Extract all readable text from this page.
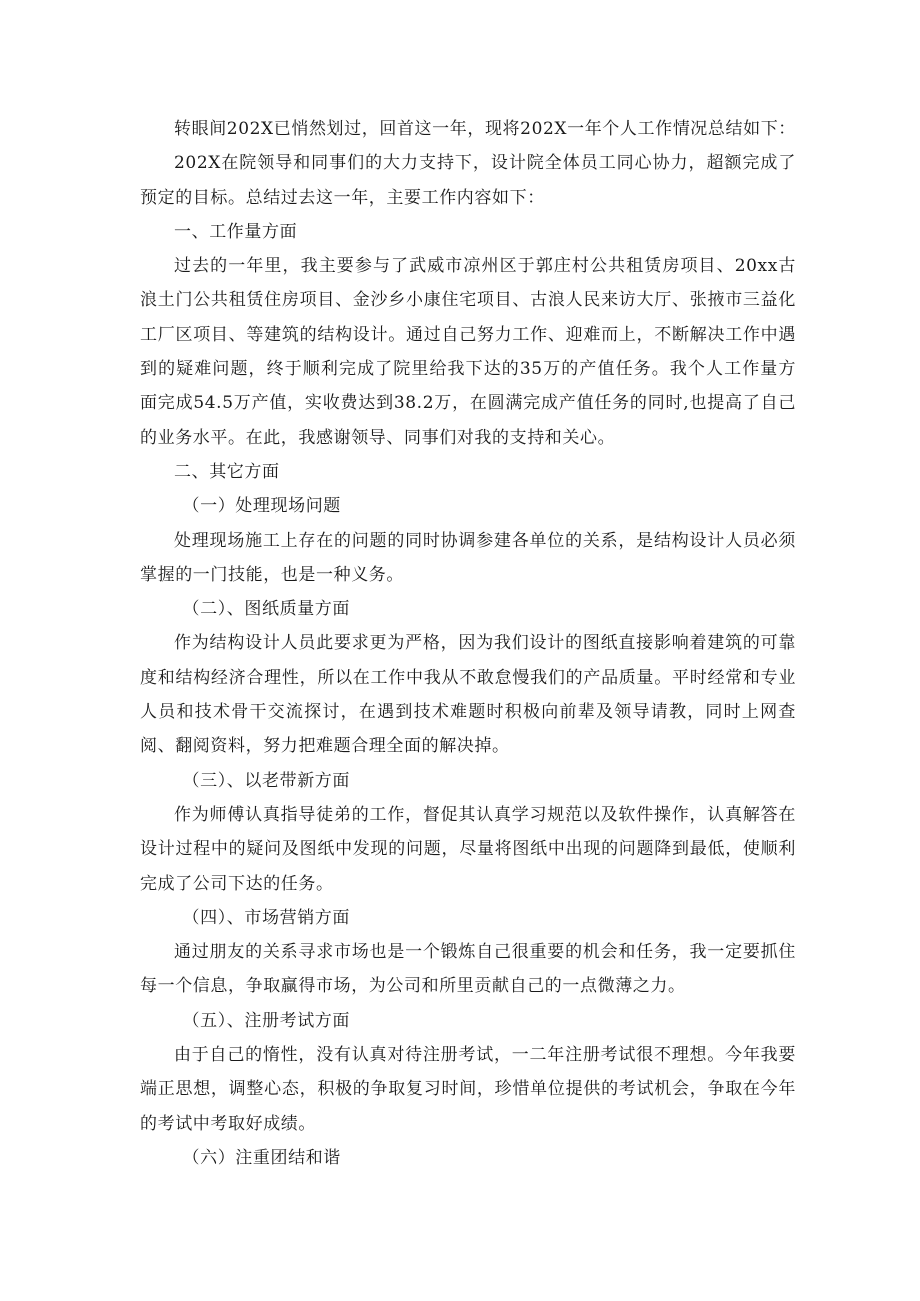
转眼间202X已悄然划过，回首这一年，现将202X一年个人工作情况总结如下：

202X在院领导和同事们的大力支持下，设计院全体员工同心协力，超额完成了预定的目标。总结过去这一年，主要工作内容如下：

一、工作量方面

过去的一年里，我主要参与了武威市凉州区于郭庄村公共租赁房项目、20xx古浪土门公共租赁住房项目、金沙乡小康住宅项目、古浪人民来访大厅、张掖市三益化工厂区项目、等建筑的结构设计。通过自己努力工作、迎难而上，不断解决工作中遇到的疑难问题，终于顺利完成了院里给我下达的35万的产值任务。我个人工作量方面完成54.5万产值，实收费达到38.2万，在圆满完成产值任务的同时,也提高了自己的业务水平。在此，我感谢领导、同事们对我的支持和关心。

二、其它方面

（一）处理现场问题

处理现场施工上存在的问题的同时协调参建各单位的关系，是结构设计人员必须掌握的一门技能，也是一种义务。

（二）、图纸质量方面

作为结构设计人员此要求更为严格，因为我们设计的图纸直接影响着建筑的可靠度和结构经济合理性，所以在工作中我从不敢怠慢我们的产品质量。平时经常和专业人员和技术骨干交流探讨，在遇到技术难题时积极向前辈及领导请教，同时上网查阅、翻阅资料，努力把难题合理全面的解决掉。

（三）、以老带新方面

作为师傅认真指导徒弟的工作，督促其认真学习规范以及软件操作，认真解答在设计过程中的疑问及图纸中发现的问题，尽量将图纸中出现的问题降到最低，使顺利完成了公司下达的任务。

（四）、市场营销方面

通过朋友的关系寻求市场也是一个锻炼自己很重要的机会和任务，我一定要抓住每一个信息，争取赢得市场，为公司和所里贡献自己的一点微薄之力。

（五）、注册考试方面

由于自己的惰性，没有认真对待注册考试，一二年注册考试很不理想。今年我要端正思想，调整心态，积极的争取复习时间，珍惜单位提供的考试机会，争取在今年的考试中考取好成绩。

（六）注重团结和谐
